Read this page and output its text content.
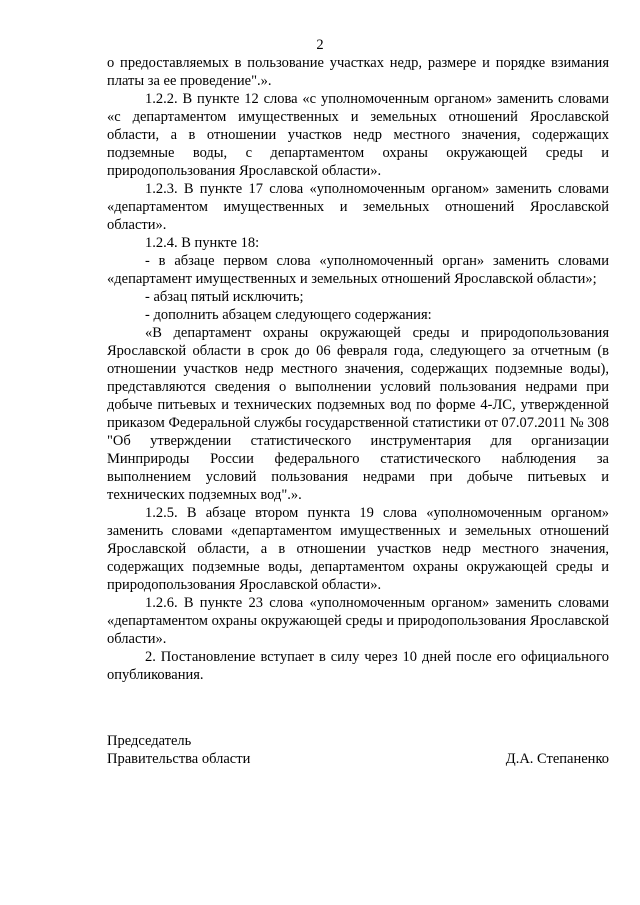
2

о предоставляемых в пользование участках недр, размере и порядке взимания платы за ее проведение".».

1.2.2. В пункте 12 слова «с уполномоченным органом» заменить словами «с департаментом имущественных и земельных отношений Ярославской области, а в отношении участков недр местного значения, содержащих подземные воды, с департаментом охраны окружающей среды и природопользования Ярославской области».

1.2.3. В пункте 17 слова «уполномоченным органом» заменить словами «департаментом имущественных и земельных отношений Ярославской области».

1.2.4. В пункте 18:

- в абзаце первом слова «уполномоченный орган» заменить словами «департамент имущественных и земельных отношений Ярославской области»;

- абзац пятый исключить;

- дополнить абзацем следующего содержания:

«В департамент охраны окружающей среды и природопользования Ярославской области в срок до 06 февраля года, следующего за отчетным (в отношении участков недр местного значения, содержащих подземные воды), представляются сведения о выполнении условий пользования недрами при добыче питьевых и технических подземных вод по форме 4-ЛС, утвержденной приказом Федеральной службы государственной статистики от 07.07.2011 № 308 "Об утверждении статистического инструментария для организации Минприроды России федерального статистического наблюдения за выполнением условий пользования недрами при добыче питьевых и технических подземных вод".».

1.2.5. В абзаце втором пункта 19 слова «уполномоченным органом» заменить словами «департаментом имущественных и земельных отношений Ярославской области, а в отношении участков недр местного значения, содержащих подземные воды, департаментом охраны окружающей среды и природопользования Ярославской области».

1.2.6. В пункте 23 слова «уполномоченным органом» заменить словами «департаментом охраны окружающей среды и природопользования Ярославской области».

2. Постановление вступает в силу через 10 дней после его официального опубликования.

Председатель
Правительства области	Д.А. Степаненко
